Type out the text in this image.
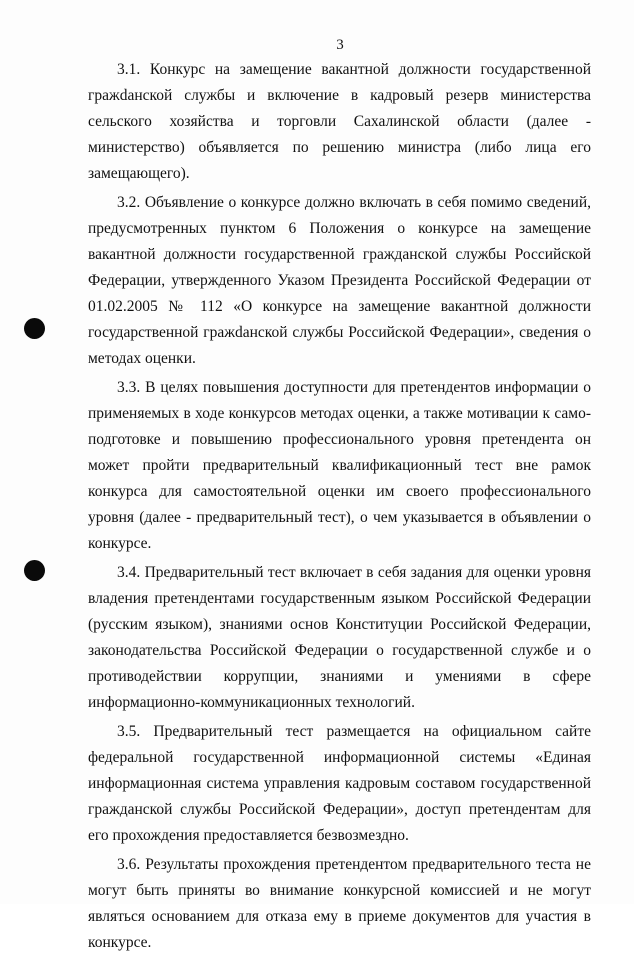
3

3.1. Конкурс на замещение вакантной должности государственной гражdанской службы и включение в кадровый резерв министерства сельского хозяйства и торговли Сахалинской области (далее - министерство) объявляется по решению министра (либо лица его замещающего).

3.2. Объявление о конкурсе должно включать в себя помимо сведений, предусмотренных пунктом 6 Положения о конкурсе на замещение вакантной должности государственной гражданской службы Российской Федерации, утвержденного Указом Президента Российской Федерации от 01.02.2005 № 112 «О конкурсе на замещение вакантной должности государственной гражdанской службы Российской Федерации», сведения о методах оценки.

3.3. В целях повышения доступности для претендентов информации о применяемых в ходе конкурсов методах оценки, а также мотивации к самоподготовке и повышению профессионального уровня претендента он может пройти предварительный квалификационный тест вне рамок конкурса для самостоятельной оценки им своего профессионального уровня (далее - предварительный тест), о чем указывается в объявлении о конкурсе.

3.4. Предварительный тест включает в себя задания для оценки уровня владения претендентами государственным языком Российской Федерации (русским языком), знаниями основ Конституции Российской Федерации, законодательства Российской Федерации о государственной службе и о противодействии коррупции, знаниями и умениями в сфере информационно-коммуникационных технологий.

3.5. Предварительный тест размещается на официальном сайте федеральной государственной информационной системы «Единая информационная система управления кадровым составом государственной гражданской службы Российской Федерации», доступ претендентам для его прохождения предоставляется безвозмездно.

3.6. Результаты прохождения претендентом предварительного теста не могут быть приняты во внимание конкурсной комиссией и не могут являться основанием для отказа ему в приеме документов для участия в конкурсе.
